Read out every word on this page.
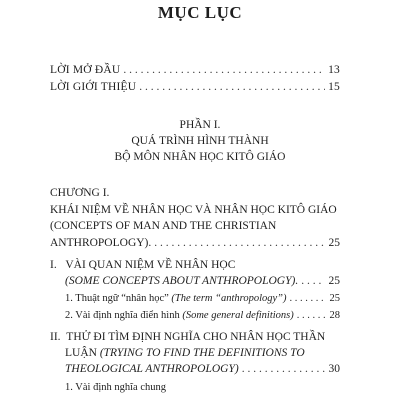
MỤC LỤC
LỜI MỞ ĐẦU . . .	13
LỜI GIỚI THIỆU . . .	15
PHẦN I.
QUÁ TRÌNH HÌNH THÀNH
BỘ MÔN NHÂN HỌC KITÔ GIÁO
CHƯƠNG I.
KHÁI NIỆM VỀ NHÂN HỌC VÀ NHÂN HỌC KITÔ GIÁO
(CONCEPTS OF MAN AND THE CHRISTIAN
ANTHROPOLOGY). . . .	25
I. VÀI QUAN NIỆM VỀ NHÂN HỌC
(SOME CONCEPTS ABOUT ANTHROPOLOGY). . . .	25
1. Thuật ngữ “nhân học”
(The term “anthropology”) . . .	25
2. Vài định nghĩa điển hình
(Some general definitions) . . .	28
II. THỬ ĐI TÌM ĐỊNH NGHĨA CHO NHÂN HỌC THẦN
LUẬN (TRYING TO FIND THE DEFINITIONS TO
THEOLOGICAL ANTHROPOLOGY) . . .	30
1. Vài định nghĩa chung
